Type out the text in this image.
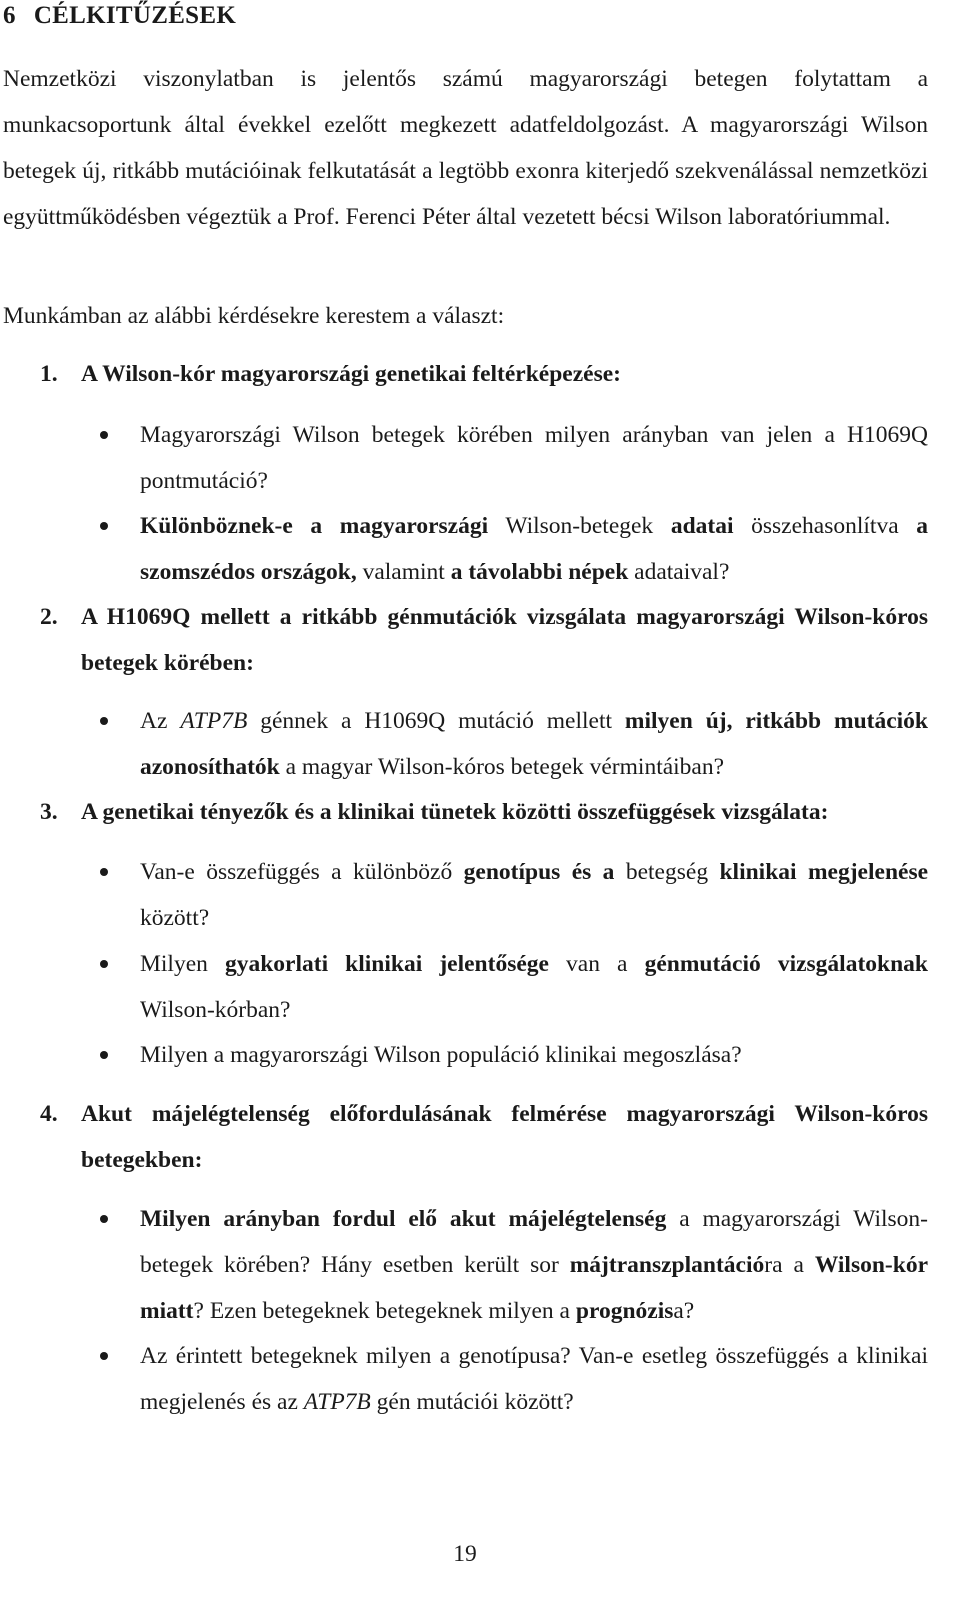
6 CÉLKITŰZÉSEK

Nemzetközi viszonylatban is jelentős számú magyarországi betegen folytattam a munkacsoportunk által évekkel ezelőtt megkezett adatfeldolgozást. A magyarországi Wilson betegek új, ritkább mutációinak felkutatását a legtöbb exonra kiterjedő szekvenálással nemzetközi együttműködésben végeztük a Prof. Ferenci Péter által vezetett bécsi Wilson laboratóriummal.

Munkámban az alábbi kérdésekre kerestem a választ:

1. A Wilson-kór magyarországi genetikai feltérképezése:
Magyarországi Wilson betegek körében milyen arányban van jelen a H1069Q pontmutáció?
Különböznek-e a magyarországi Wilson-betegek adatai összehasonlítva a szomszédos országok, valamint a távolabbi népek adataival?
2. A H1069Q mellett a ritkább génmutációk vizsgálata magyarországi Wilson-kóros betegek körében:
Az ATP7B génnek a H1069Q mutáció mellett milyen új, ritkább mutációk azonosíthatók a magyar Wilson-kóros betegek vérmintáiban?
3. A genetikai tényezők és a klinikai tünetek közötti összefüggések vizsgálata:
Van-e összefüggés a különböző genotípus és a betegség klinikai megjelenése között?
Milyen gyakorlati klinikai jelentősége van a génmutáció vizsgálatoknak Wilson-kórban?
Milyen a magyarországi Wilson populáció klinikai megoszlása?
4. Akut májelégtelenség előfordulásának felmérése magyarországi Wilson-kóros betegekben:
Milyen arányban fordul elő akut májelégtelenség a magyarországi Wilson-betegek körében? Hány esetben került sor májtranszplantációra a Wilson-kór miatt? Ezen betegeknek betegeknek milyen a prognózisa?
Az érintett betegeknek milyen a genotípusa? Van-e esetleg összefüggés a klinikai megjelenés és az ATP7B gén mutációi között?
19
